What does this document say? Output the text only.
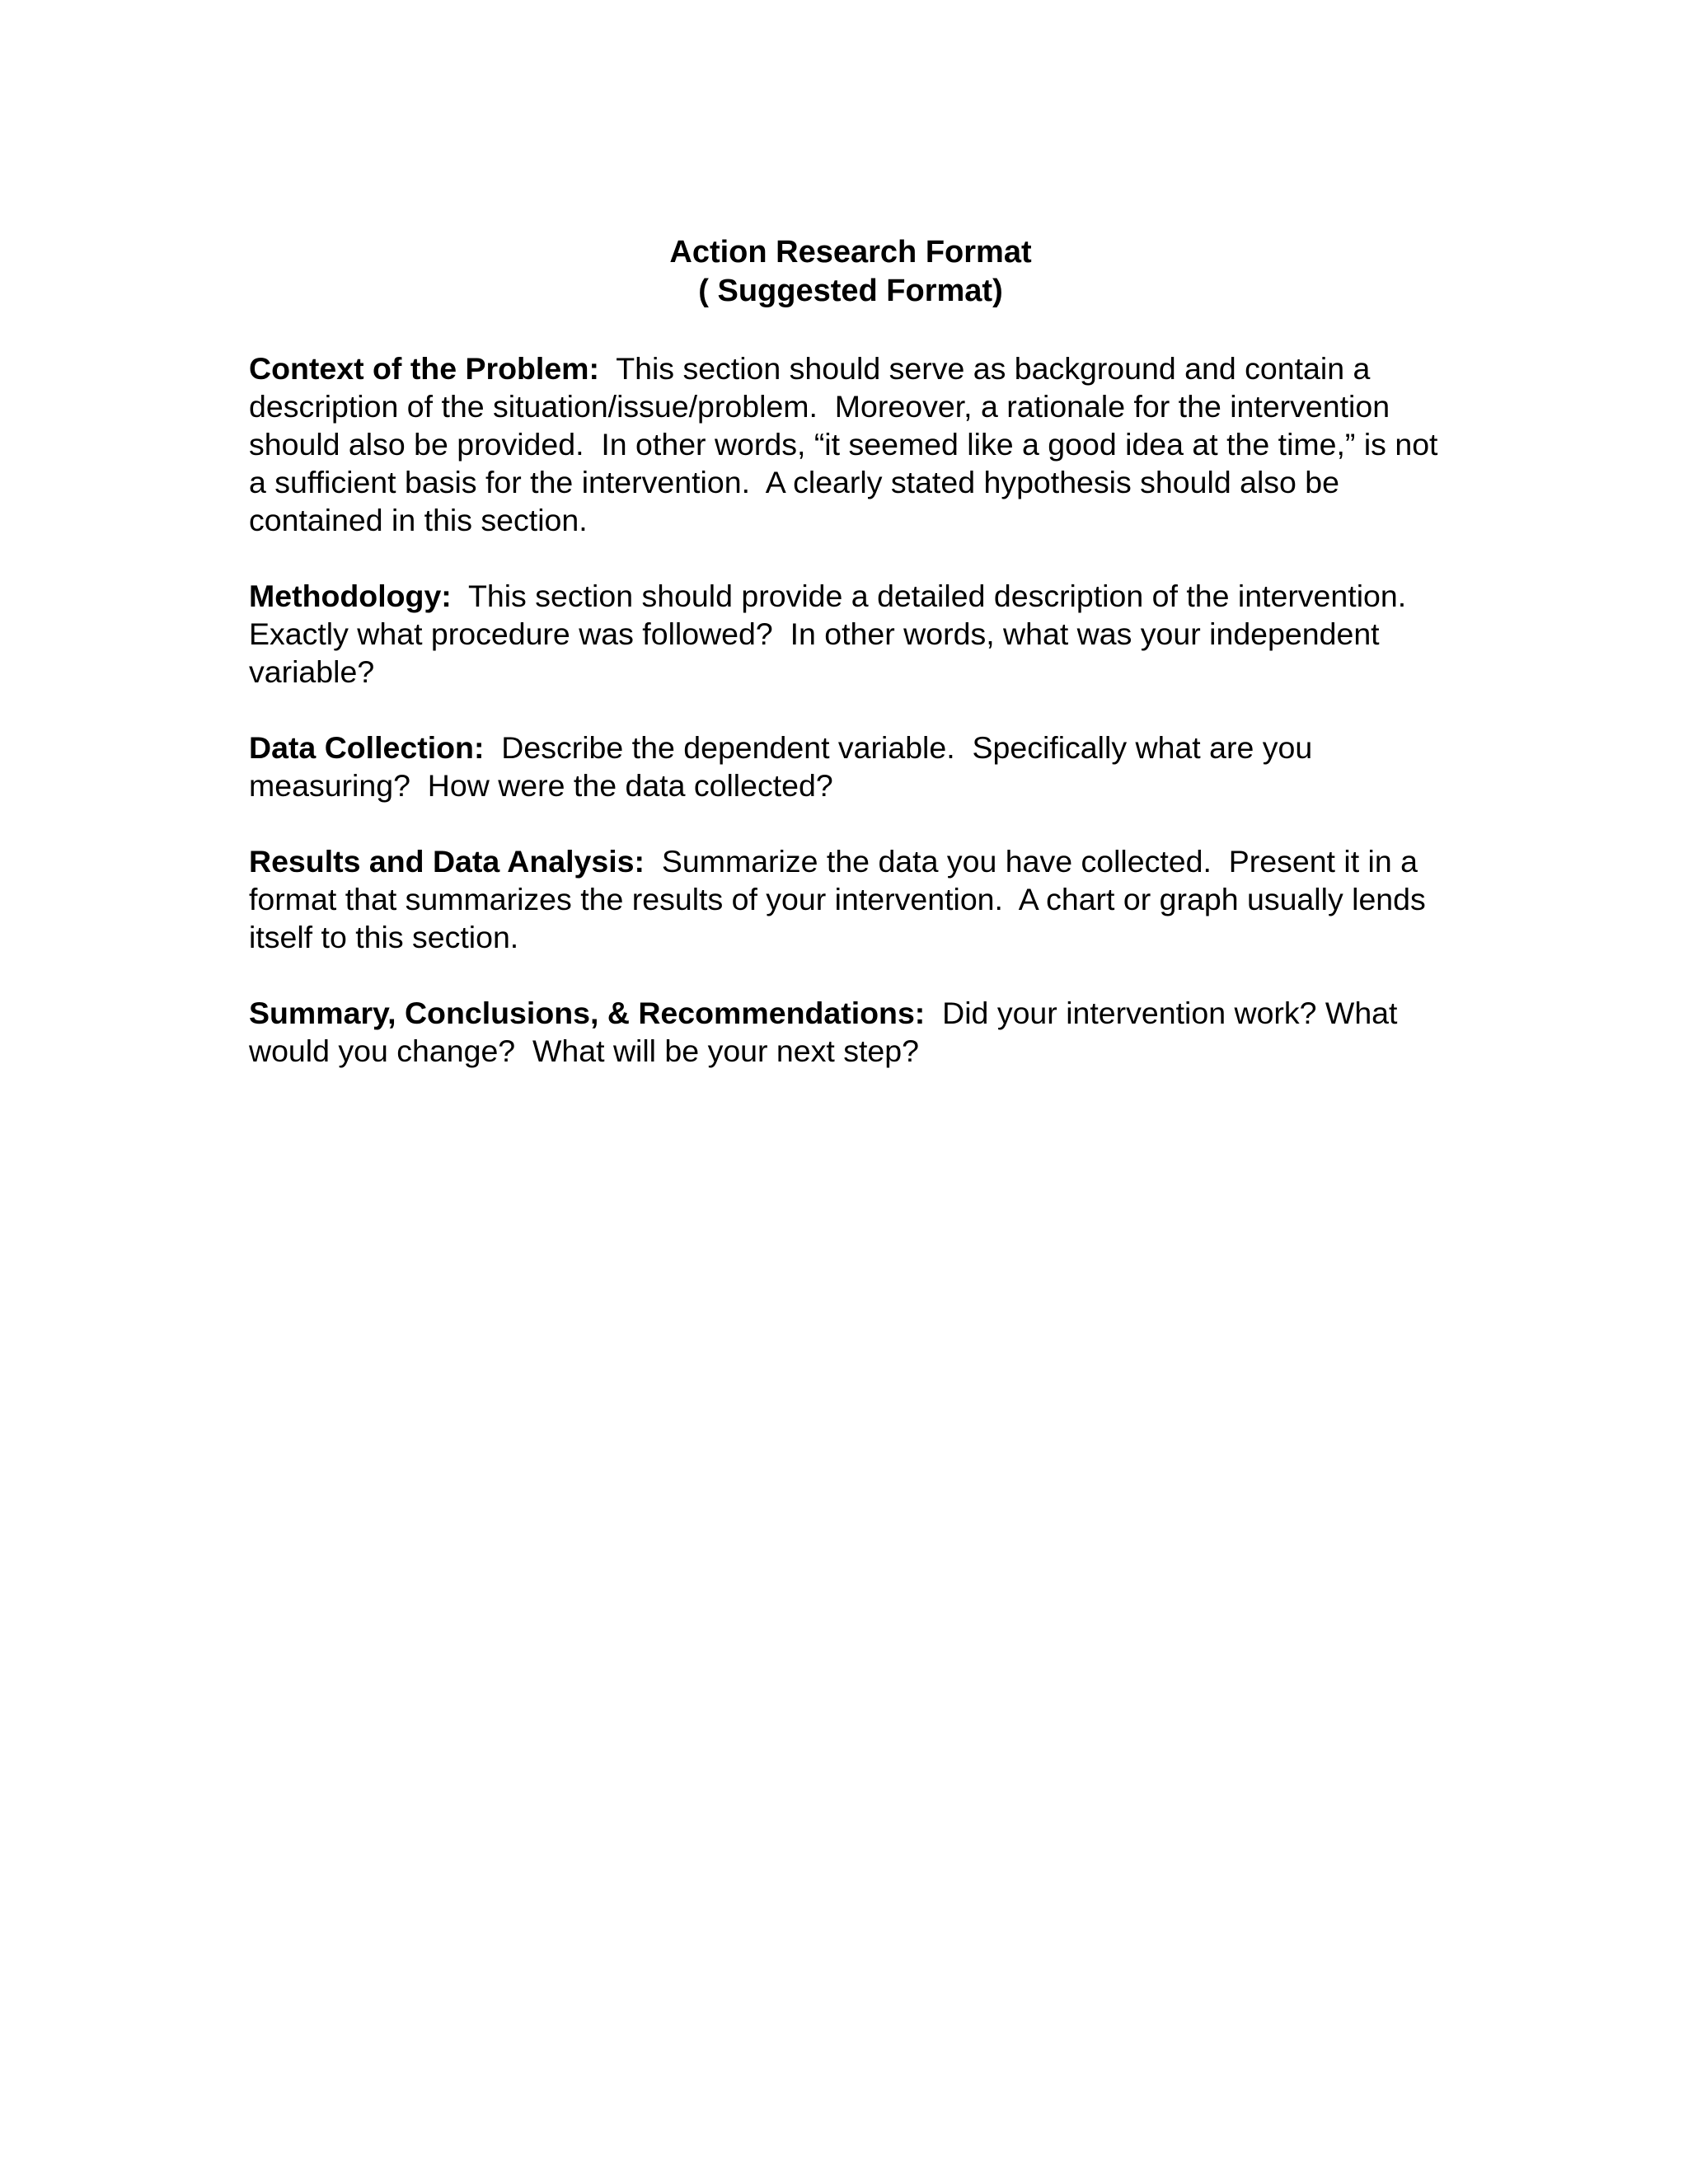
Action Research Format
( Suggested Format)

Context of the Problem: This section should serve as background and contain a description of the situation/issue/problem.  Moreover, a rationale for the intervention should also be provided.  In other words, “it seemed like a good idea at the time,” is not a sufficient basis for the intervention.  A clearly stated hypothesis should also be contained in this section.

Methodology: This section should provide a detailed description of the intervention.  Exactly what procedure was followed?  In other words, what was your independent variable?

Data Collection: Describe the dependent variable.  Specifically what are you measuring?  How were the data collected?

Results and Data Analysis: Summarize the data you have collected.  Present it in a format that summarizes the results of your intervention.  A chart or graph usually lends itself to this section.

Summary, Conclusions, & Recommendations: Did your intervention work? What would you change?  What will be your next step?
